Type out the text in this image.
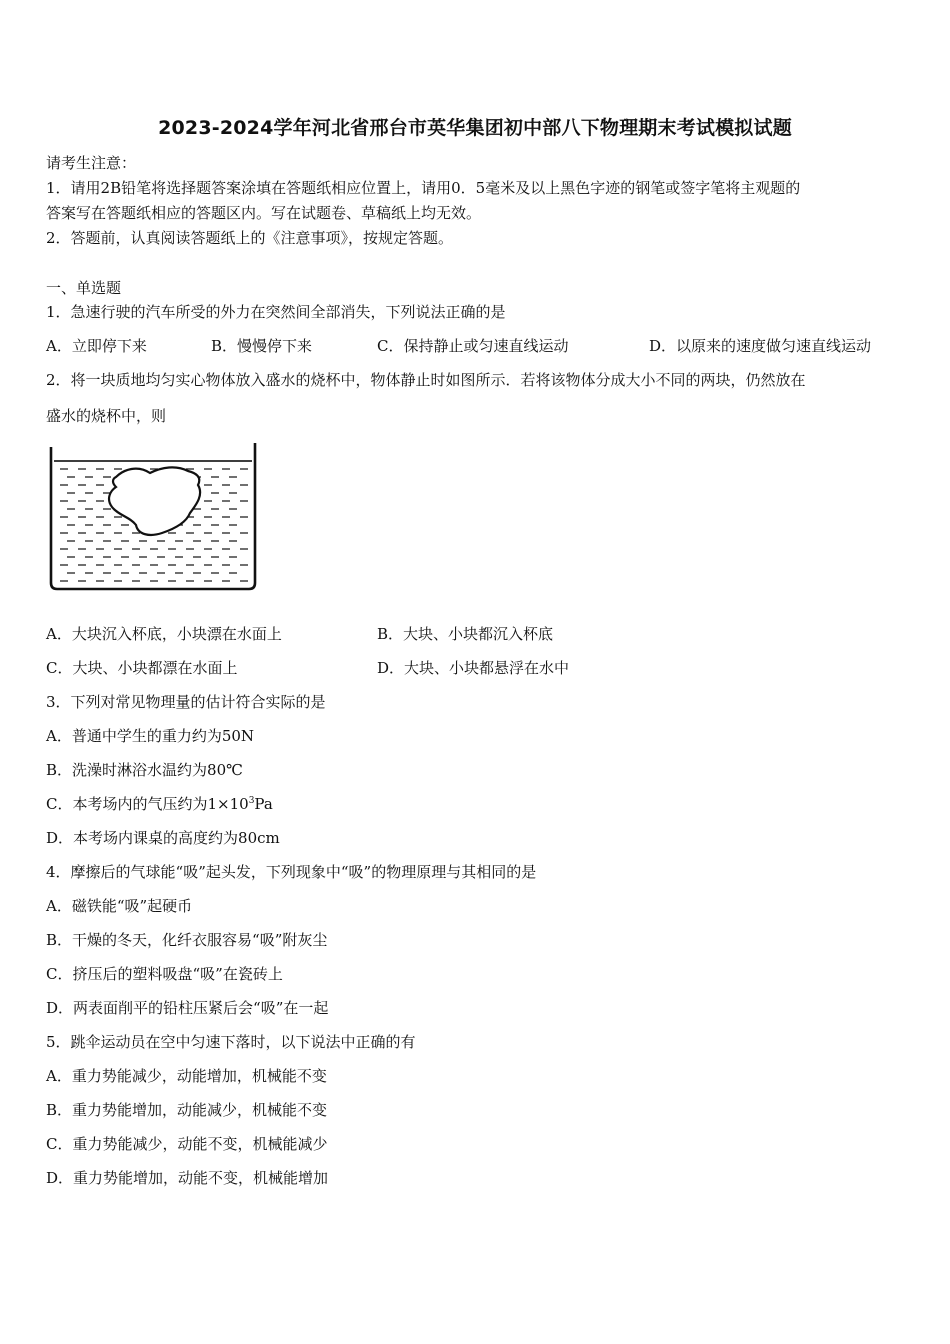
2023-2024学年河北省邢台市英华集团初中部八下物理期末考试模拟试题
请考生注意：
1．请用2B铅笔将选择题答案涂填在答题纸相应位置上，请用0．5毫米及以上黑色字迹的钢笔或签字笔将主观题的
答案写在答题纸相应的答题区内。写在试题卷、草稿纸上均无效。
2．答题前，认真阅读答题纸上的《注意事项》，按规定答题。
一、单选题
1．急速行驶的汽车所受的外力在突然间全部消失，下列说法正确的是
A．立即停下来	B．慢慢停下来	C．保持静止或匀速直线运动	D．以原来的速度做匀速直线运动
2．将一块质地均匀实心物体放入盛水的烧杯中，物体静止时如图所示．若将该物体分成大小不同的两块，仍然放在
盛水的烧杯中，则
A．大块沉入杯底，小块漂在水面上	B．大块、小块都沉入杯底
C．大块、小块都漂在水面上	D．大块、小块都悬浮在水中
3．下列对常见物理量的估计符合实际的是
A．普通中学生的重力约为50N
B．洗澡时淋浴水温约为80℃
C．本考场内的气压约为$1\times 10^3Pa$
D．本考场内课桌的高度约为80cm
4．摩擦后的气球能“吸”起头发，下列现象中“吸”的物理原理与其相同的是
A．磁铁能“吸”起硬币
B．干燥的冬天，化纤衣服容易“吸”附灰尘
C．挤压后的塑料吸盘“吸”在瓷砖上
D．两表面削平的铅柱压紧后会“吸”在一起
5．跳伞运动员在空中匀速下落时，以下说法中正确的有
A．重力势能减少，动能增加，机械能不变
B．重力势能增加，动能减少，机械能不变
C．重力势能减少，动能不变，机械能减少
D．重力势能增加，动能不变，机械能增加
